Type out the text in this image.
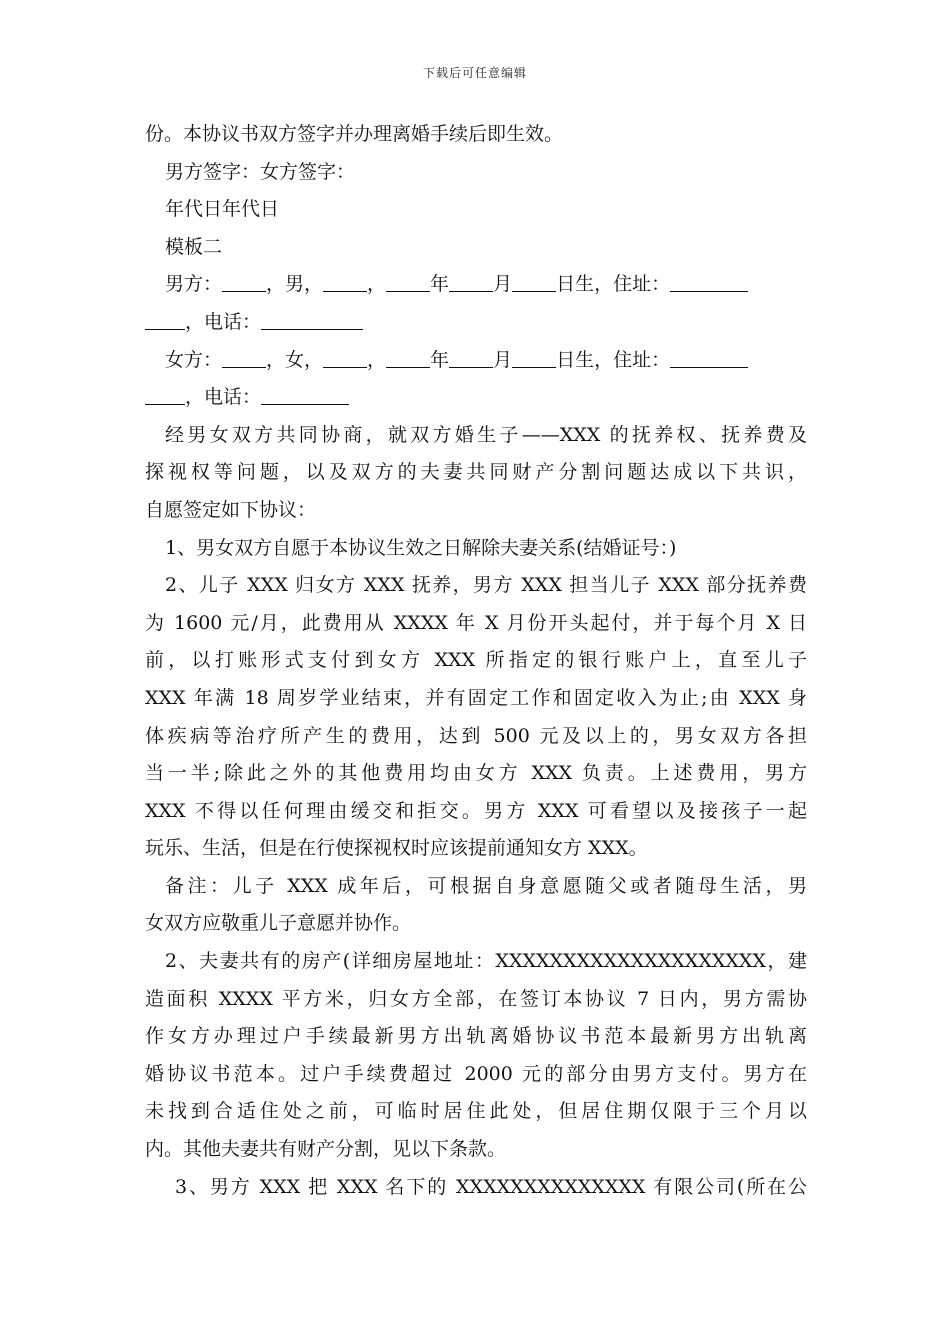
下载后可任意编辑
份。本协议书双方签字并办理离婚手续后即生效。
男方签字：女方签字：
年代日年代日
模板二
男方： ，男， ， 年 月 日生，住址：
，电话：
女方： ，女， ， 年 月 日生，住址：
，电话：
经男女双方共同协商，就双方婚生子——XXX 的抚养权、抚养费及
探视权等问题，以及双方的夫妻共同财产分割问题达成以下共识，
自愿签定如下协议：
1、男女双方自愿于本协议生效之日解除夫妻关系(结婚证号：)
2、儿子 XXX 归女方 XXX 抚养，男方 XXX 担当儿子 XXX 部分抚养费
为 1600 元/月，此费用从 XXXX 年 X 月份开头起付，并于每个月 X 日
前，以打账形式支付到女方 XXX 所指定的银行账户上，直至儿子
XXX 年满 18 周岁学业结束，并有固定工作和固定收入为止;由 XXX 身
体疾病等治疗所产生的费用，达到 500 元及以上的，男女双方各担
当一半;除此之外的其他费用均由女方 XXX 负责。上述费用，男方
XXX 不得以任何理由缓交和拒交。男方 XXX 可看望以及接孩子一起
玩乐、生活，但是在行使探视权时应该提前通知女方 XXX。
备注：儿子 XXX 成年后，可根据自身意愿随父或者随母生活，男
女双方应敬重儿子意愿并协作。
2、夫妻共有的房产(详细房屋地址：XXXXXXXXXXXXXXXXXXXX，建
造面积 XXXX 平方米，归女方全部，在签订本协议 7 日内，男方需协
作女方办理过户手续最新男方出轨离婚协议书范本最新男方出轨离
婚协议书范本。过户手续费超过 2000 元的部分由男方支付。男方在
未找到合适住处之前，可临时居住此处，但居住期仅限于三个月以
内。其他夫妻共有财产分割，见以下条款。
3、男方 XXX 把 XXX 名下的 XXXXXXXXXXXXXX 有限公司(所在公
